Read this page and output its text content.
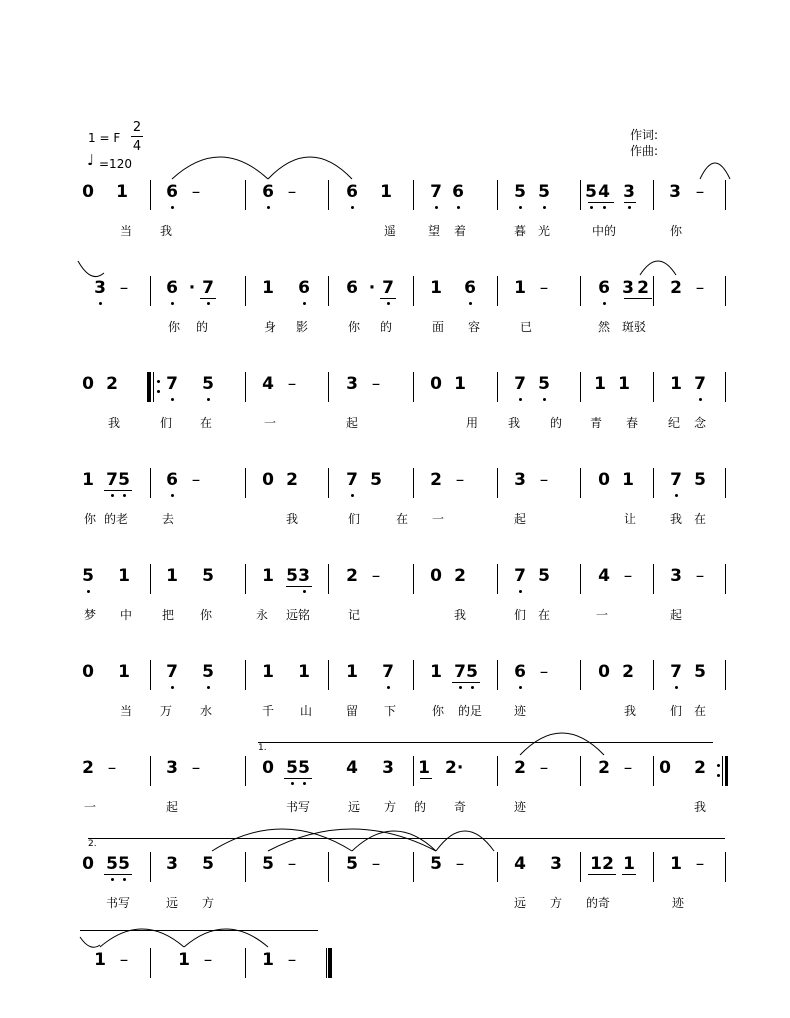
1 = F
2
4
♩ =120
作词:
作曲:
0 1 6 –	6 –	6 1 7 6	5 5 5 4 3 3 –
当 我	遥	望 着	暮 光	中的	你
3 – 6 · 7	1 6 6 · 7 1 6 1 –	6 3 2 2 –
你 的	身 影	你 的	面 容	已	然 斑驳
0 2	7 5	4 –	3 –	0 1	7 5	1 1 1 7
我	们 在	一	起	用 我 的 青 春 纪 念
1 7 5 6 –	0 2	7 5	2 –	3 –	0 1 7 5
你 的老	去	我	们	在 一	起	让	我 在
5 1 1 5	1 5 3 2 –	0 2	7 5	4 – 3 –
梦 中 把 你	永 远铭	记	我	们 在	一	起
0 1 7 5	1 1 1 7 1 7 5 6 –	0 2 7 5
当 万 水	千 山	留 下	你 的足	迹	我	们 在
2 –	3 –	0 5 5 4 3 1 2·	2 –	2 – 0 2
1.
一	起	书写	远 方 的 奇	迹	我
0 5 5 3 5	5 –	5 –	5 –	4 3 1 2 1 1 –
2.
书写	远 方	远 方 的奇	迹
1 –	1 –	1 –
